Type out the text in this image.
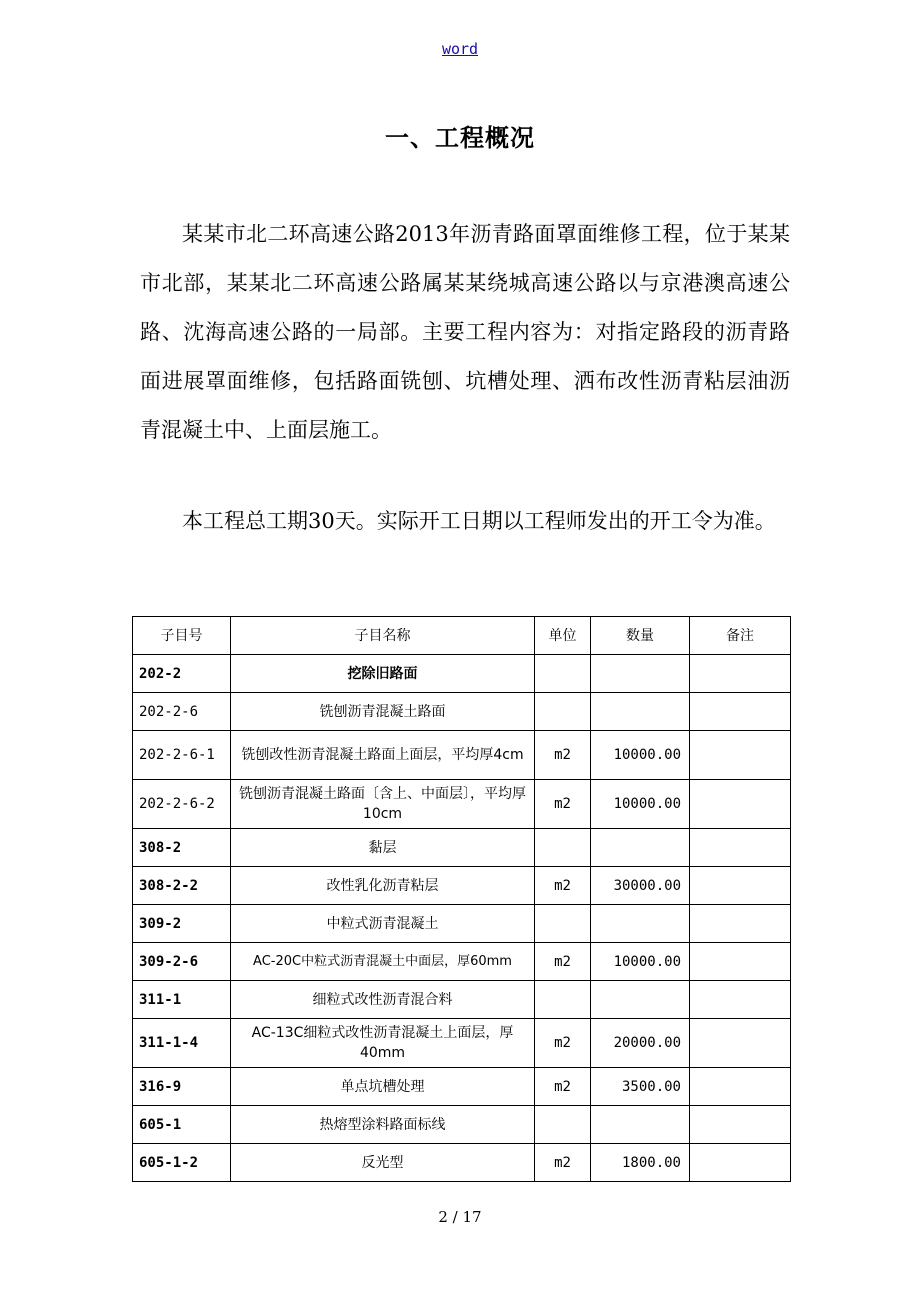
word
一、工程概况

某某市北二环高速公路2013年沥青路面罩面维修工程，位于某某市北部，某某北二环高速公路属某某绕城高速公路以与京港澳高速公路、沈海高速公路的一局部。主要工程内容为：对指定路段的沥青路面进展罩面维修，包括路面铣刨、坑槽处理、洒布改性沥青粘层油沥青混凝土中、上面层施工。

本工程总工期30天。实际开工日期以工程师发出的开工令为准。

子目号	子目名称	单位	数量	备注
202-2	挖除旧路面			
202-2-6	铣刨沥青混凝土路面			
202-2-6-1	铣刨改性沥青混凝土路面上面层，平均厚4cm	m2	10000.00	
202-2-6-2	铣刨沥青混凝土路面〔含上、中面层〕，平均厚10cm	m2	10000.00	
308-2	黏层			
308-2-2	改性乳化沥青粘层	m2	30000.00	
309-2	中粒式沥青混凝土			
309-2-6	AC-20C中粒式沥青混凝土中面层，厚60mm	m2	10000.00	
311-1	细粒式改性沥青混合料			
311-1-4	AC-13C细粒式改性沥青混凝土上面层，厚40mm	m2	20000.00	
316-9	单点坑槽处理	m2	3500.00	
605-1	热熔型涂料路面标线			
605-1-2	反光型	m2	1800.00	
2 / 17
